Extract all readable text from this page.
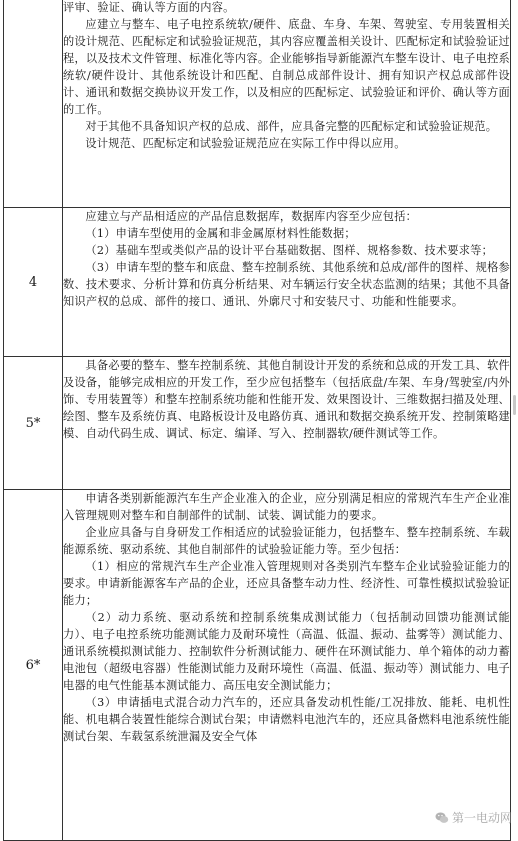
	评审、验证、确认等方面的内容。

应建立与整车、电子电控系统软/硬件、底盘、车身、车架、驾驶室、专用装置相关的设计规范、匹配标定和试验验证规范，其内容应覆盖相关设计、匹配标定和试验验证过程，以及技术文件管理、标准化等内容。企业能够指导新能源汽车整车设计、电子电控系统软/硬件设计、其他系统设计和匹配、自制总成部件设计、拥有知识产权总成部件设计、通讯和数据交换协议开发工作，以及相应的匹配标定、试验验证和评价、确认等方面的工作。

对于其他不具备知识产权的总成、部件，应具备完整的匹配标定和试验验证规范。

设计规范、匹配标定和试验验证规范应在实际工作中得以应用。

4	应建立与产品相适应的产品信息数据库，数据库内容至少应包括：

（1）申请车型使用的金属和非金属原材料性能数据；

（2）基础车型或类似产品的设计平台基础数据、图样、规格参数、技术要求等；

（3）申请车型的整车和底盘、整车控制系统、其他系统和总成/部件的图样、规格参数、技术要求、分析计算和仿真分析结果、对车辆运行安全状态监测的结果；其他不具备知识产权的总成、部件的接口、通讯、外廓尺寸和安装尺寸、功能和性能要求。

5*	具备必要的整车、整车控制系统、其他自制设计开发的系统和总成的开发工具、软件及设备，能够完成相应的开发工作，至少应包括整车（包括底盘/车架、车身/驾驶室/内外饰、专用装置等）和整车控制系统功能和性能开发、效果图设计、三维数据扫描及处理、绘图、整车及系统仿真、电路板设计及电路仿真、通讯和数据交换系统开发、控制策略建模、自动代码生成、调试、标定、编译、写入、控制器软/硬件测试等工作。

6*	申请各类别新能源汽车生产企业准入的企业，应分别满足相应的常规汽车生产企业准入管理规则对整车和自制部件的试制、试装、调试能力的要求。

企业应具备与自身研发工作相适应的试验验证能力，包括整车、整车控制系统、车载能源系统、驱动系统、其他自制部件的试验验证能力等。至少包括：

（1）相应的常规汽车生产企业准入管理规则对各类别汽车整车企业试验验证能力的要求。申请新能源客车产品的企业，还应具备整车动力性、经济性、可靠性模拟试验验证能力；

（2）动力系统、驱动系统和控制系统集成测试能力（包括制动回馈功能测试能力）、电子电控系统功能测试能力及耐环境性（高温、低温、振动、盐雾等）测试能力、通讯系统模拟测试能力、控制软件分析测试能力、硬件在环测试能力、单个箱体的动力蓄电池包（超级电容器）性能测试能力及耐环境性（高温、低温、振动等）测试能力、电子电器的电气性能基本测试能力、高压电安全测试能力；

（3）申请插电式混合动力汽车的，还应具备发动机性能/工况排放、能耗、电机性能、机电耦合装置性能综合测试台架；申请燃料电池汽车的，还应具备燃料电池系统性能测试台架、车载氢系统泄漏及安全气体

第一电动网
